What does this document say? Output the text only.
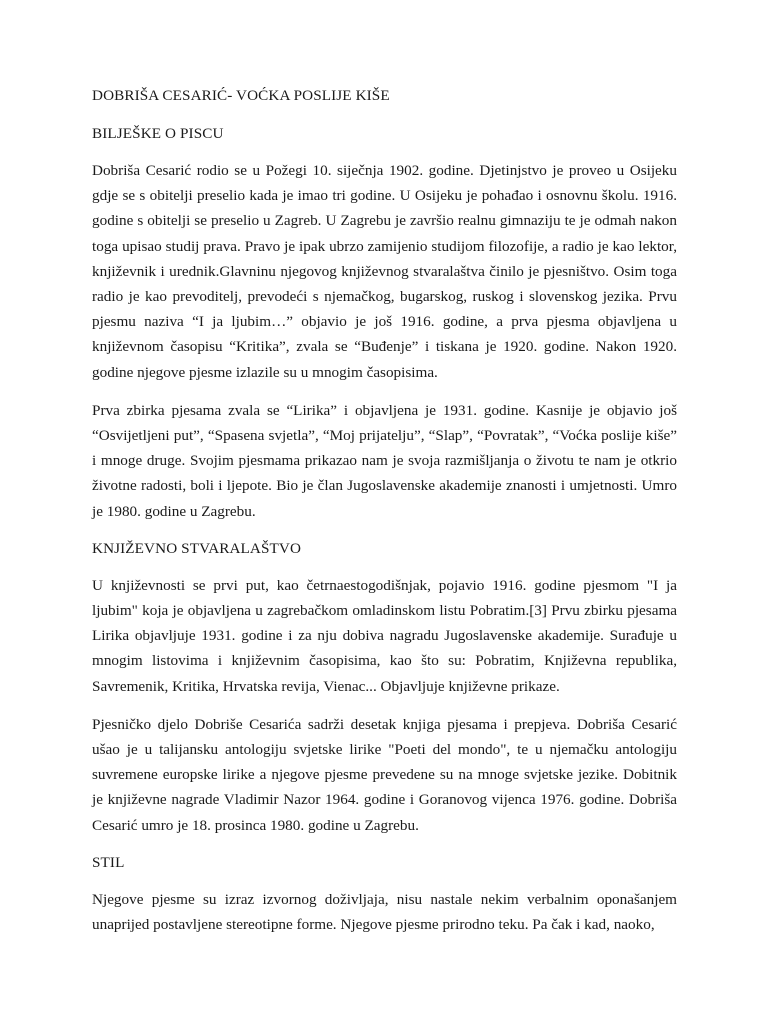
DOBRIŠA CESARIĆ- VOĆKA POSLIJE KIŠE

BILJEŠKE O PISCU

Dobriša Cesarić rodio se u Požegi 10. siječnja 1902. godine. Djetinjstvo je proveo u Osijeku gdje se s obitelji preselio kada je imao tri godine. U Osijeku je pohađao i osnovnu školu. 1916. godine s obitelji se preselio u Zagreb. U Zagrebu je završio realnu gimnaziju te je odmah nakon toga upisao studij prava. Pravo je ipak ubrzo zamijenio studijom filozofije, a radio je kao lektor, književnik i urednik.Glavninu njegovog književnog stvaralaštva činilo je pjesništvo. Osim toga radio je kao prevoditelj, prevodeći s njemačkog, bugarskog, ruskog i slovenskog jezika. Prvu pjesmu naziva “I ja ljubim…” objavio je još 1916. godine, a prva pjesma objavljena u književnom časopisu “Kritika”, zvala se “Buđenje” i tiskana je 1920. godine. Nakon 1920. godine njegove pjesme izlazile su u mnogim časopisima.

Prva zbirka pjesama zvala se “Lirika” i objavljena je 1931. godine. Kasnije je objavio još “Osvijetljeni put”, “Spasena svjetla”, “Moj prijatelju”, “Slap”, “Povratak”, “Voćka poslije kiše” i mnoge druge. Svojim pjesmama prikazao nam je svoja razmišljanja o životu te nam je otkrio životne radosti, boli i ljepote. Bio je član Jugoslavenske akademije znanosti i umjetnosti. Umro je 1980. godine u Zagrebu.

KNJIŽEVNO STVARALAŠTVO

U književnosti se prvi put, kao četrnaestogodišnjak, pojavio 1916. godine pjesmom "I ja ljubim" koja je objavljena u zagrebačkom omladinskom listu Pobratim.[3] Prvu zbirku pjesama Lirika objavljuje 1931. godine i za nju dobiva nagradu Jugoslavenske akademije. Surađuje u mnogim listovima i književnim časopisima, kao što su: Pobratim, Književna republika, Savremenik, Kritika, Hrvatska revija, Vienac... Objavljuje književne prikaze.

Pjesničko djelo Dobriše Cesarića sadrži desetak knjiga pjesama i prepjeva. Dobriša Cesarić ušao je u talijansku antologiju svjetske lirike "Poeti del mondo", te u njemačku antologiju suvremene europske lirike a njegove pjesme prevedene su na mnoge svjetske jezike. Dobitnik je književne nagrade Vladimir Nazor 1964. godine i Goranovog vijenca 1976. godine. Dobriša Cesarić umro je 18. prosinca 1980. godine u Zagrebu.

STIL

Njegove pjesme su izraz izvornog doživljaja, nisu nastale nekim verbalnim oponašanjem unaprijed postavljene stereotipne forme. Njegove pjesme prirodno teku. Pa čak i kad, naoko,
